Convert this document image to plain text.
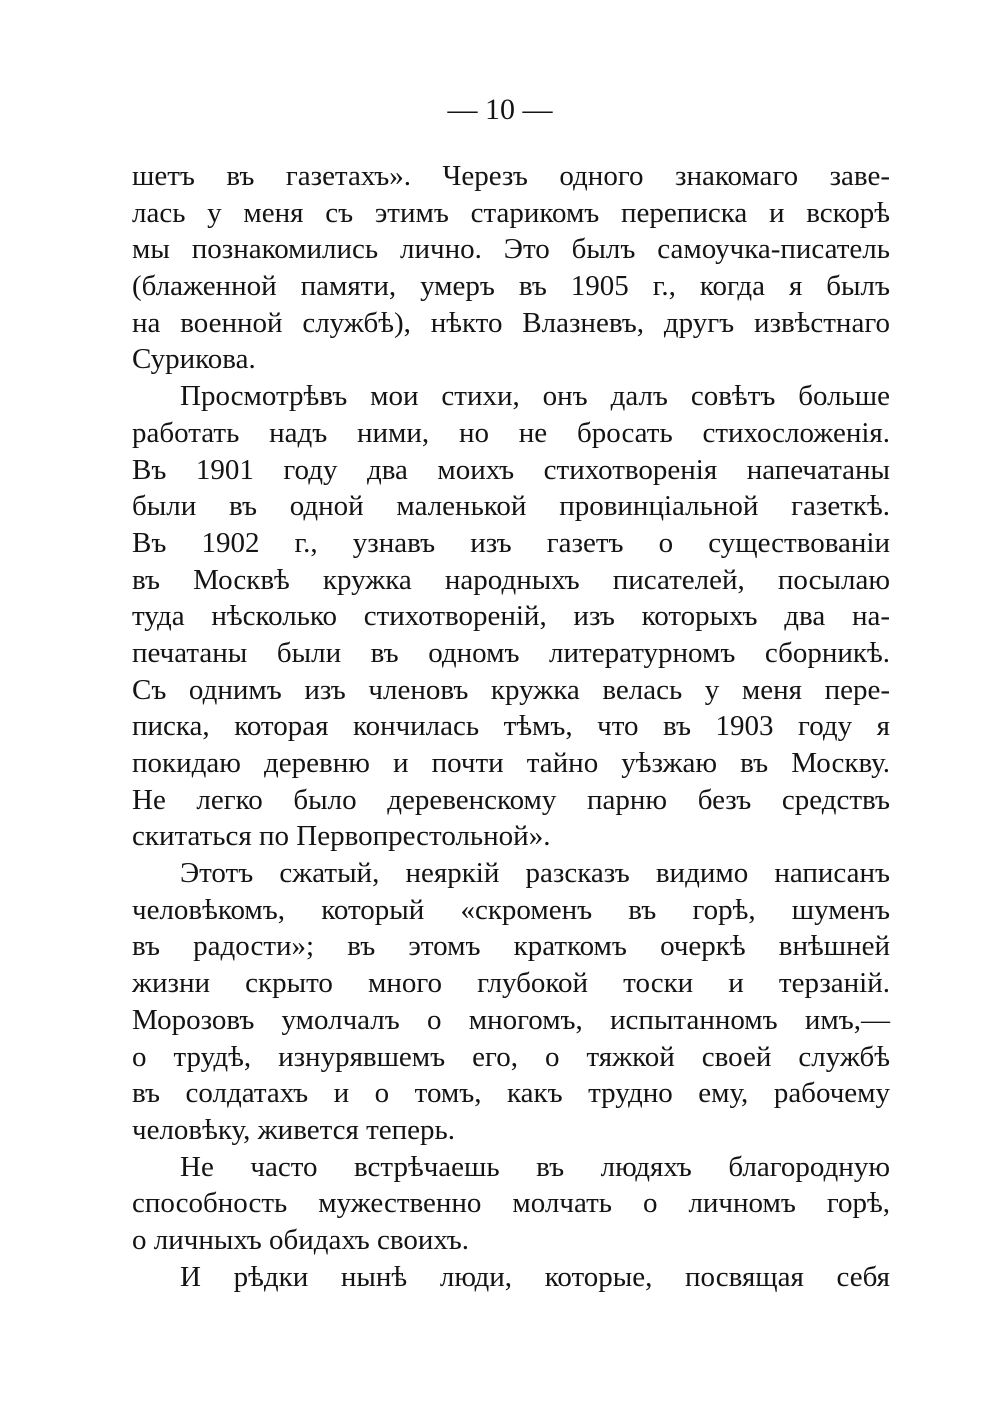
— 10 —
шетъ въ газетахъ». Черезъ одного знакомаго заве-
лась у меня съ этимъ старикомъ переписка и вскорѣ
мы познакомились лично. Это былъ самоучка-писатель
(блаженной памяти, умеръ въ 1905 г., когда я былъ
на военной службѣ), нѣкто Влазневъ, другъ извѣстнаго
Сурикова.
Просмотрѣвъ мои стихи, онъ далъ совѣтъ больше
работать надъ ними, но не бросать стихосложенія.
Въ 1901 году два моихъ стихотворенія напечатаны
были въ одной маленькой провинціальной газеткѣ.
Въ 1902 г., узнавъ изъ газетъ о существованіи
въ Москвѣ кружка народныхъ писателей, посылаю
туда нѣсколько стихотвореній, изъ которыхъ два на-
печатаны были въ одномъ литературномъ сборникѣ.
Съ однимъ изъ членовъ кружка велась у меня пере-
писка, которая кончилась тѣмъ, что въ 1903 году я
покидаю деревню и почти тайно уѣзжаю въ Москву.
Не легко было деревенскому парню безъ средствъ
скитаться по Первопрестольной».
Этотъ сжатый, неяркій разсказъ видимо написанъ
человѣкомъ, который «скроменъ въ горѣ, шуменъ
въ радости»; въ этомъ краткомъ очеркѣ внѣшней
жизни скрыто много глубокой тоски и терзаній.
Морозовъ умолчалъ о многомъ, испытанномъ имъ,—
о трудѣ, изнурявшемъ его, о тяжкой своей службѣ
въ солдатахъ и о томъ, какъ трудно ему, рабочему
человѣку, живется теперь.
Не часто встрѣчаешь въ людяхъ благородную
способность мужественно молчать о личномъ горѣ,
о личныхъ обидахъ своихъ.
И рѣдки нынѣ люди, которые, посвящая себя
